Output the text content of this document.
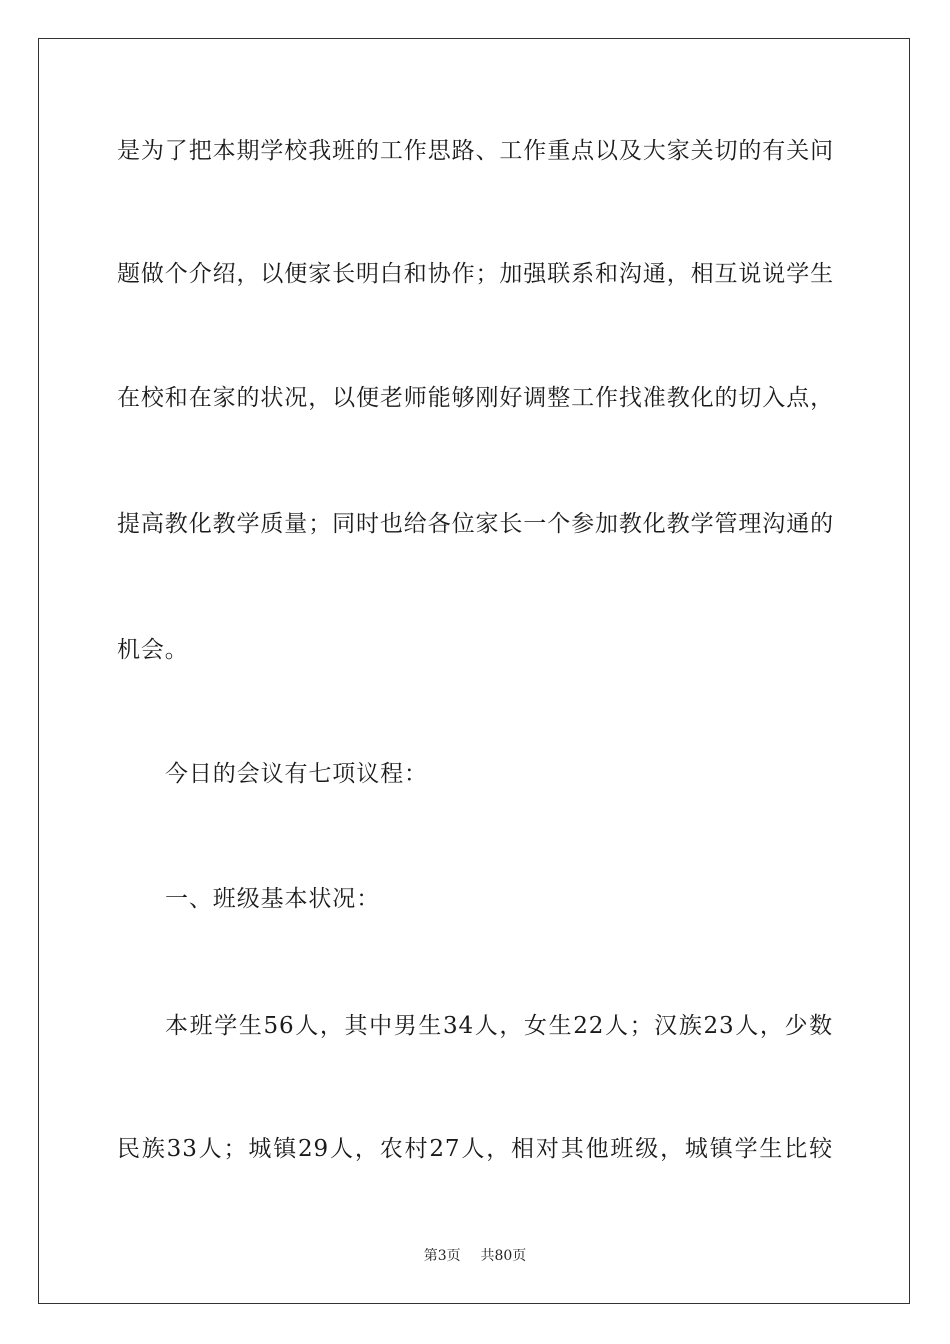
是为了把本期学校我班的工作思路、工作重点以及大家关切的有关问
题做个介绍，以便家长明白和协作；加强联系和沟通，相互说说学生
在校和在家的状况，以便老师能够刚好调整工作找准教化的切入点，
提高教化教学质量；同时也给各位家长一个参加教化教学管理沟通的
机会。
今日的会议有七项议程：
一、班级基本状况：
本班学生56人，其中男生34人，女生22人；汉族23人，少数
民族33人；城镇29人，农村27人，相对其他班级，城镇学生比较
第3页 共80页
